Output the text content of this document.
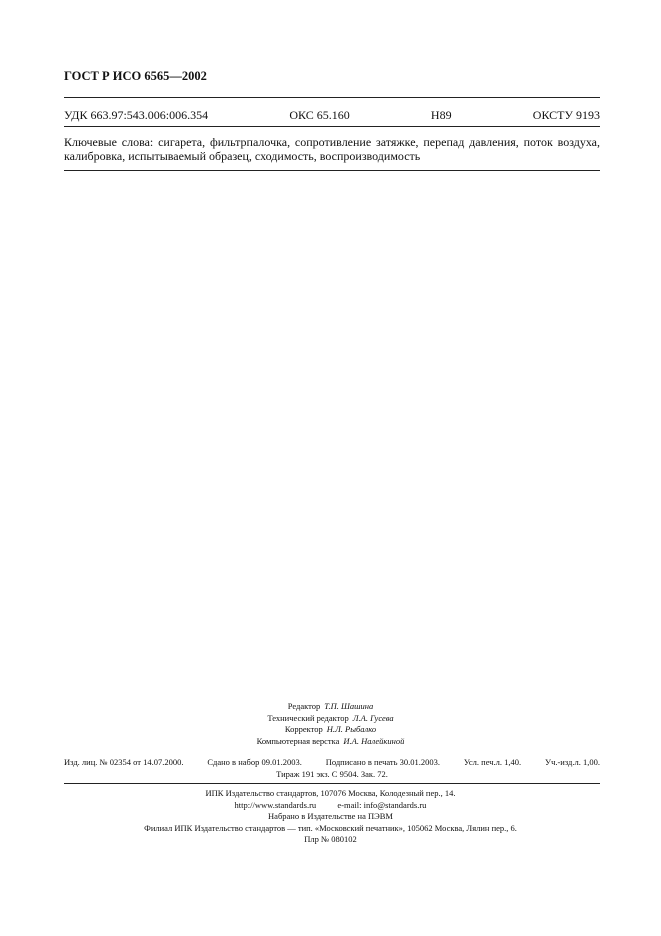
ГОСТ Р ИСО 6565—2002
УДК 663.97:543.006:006.354	ОКС 65.160	Н89	ОКСТУ 9193
Ключевые слова: сигарета, фильтрпалочка, сопротивление затяжке, перепад давления, поток воздуха, калибровка, испытываемый образец, сходимость, воспроизводимость
Редактор Т.П. Шашина
Технический редактор Л.А. Гусева
Корректор Н.Л. Рыбалко
Компьютерная верстка И.А. Налейкиной
Изд. лиц. № 02354 от 14.07.2000.	Сдано в набор 09.01.2003.	Подписано в печать 30.01.2003.	Усл. печ.л. 1,40.	Уч.-изд.л. 1,00.
Тираж 191 экз. С 9504. Зак. 72.
ИПК Издательство стандартов, 107076 Москва, Колодезный пер., 14.
http://www.standards.ru          e-mail: info@standards.ru
Набрано в Издательстве на ПЭВМ
Филиал ИПК Издательство стандартов — тип. «Московский печатник», 105062 Москва, Лялин пер., 6.
Плр № 080102
